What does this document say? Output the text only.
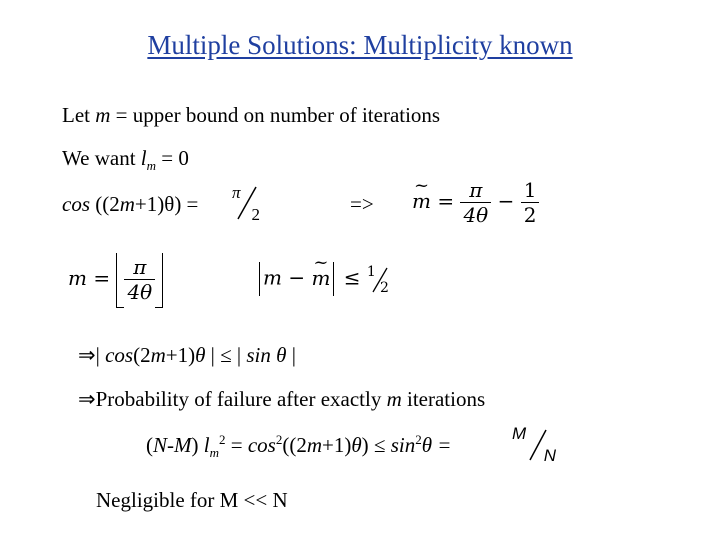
Multiple Solutions: Multiplicity known
Let m = upper bound on number of iterations
We want $l_m = 0$
cos ((2m+1)θ) = π
2	=>
~ $m = \frac{\pi}{4\theta} - \frac{1}{2}$
$m = \frac{\pi}{4\theta}$	m − ~ m ≤ 1
2
⇒| cos(2m+1)θ | ≤ | sin θ |
⇒Probability of failure after exactly m iterations
(N-M) $l_m^2 = \cos^2((2m+1)\theta) \le \sin^2\theta$ =	M
N
Negligible for M << N
